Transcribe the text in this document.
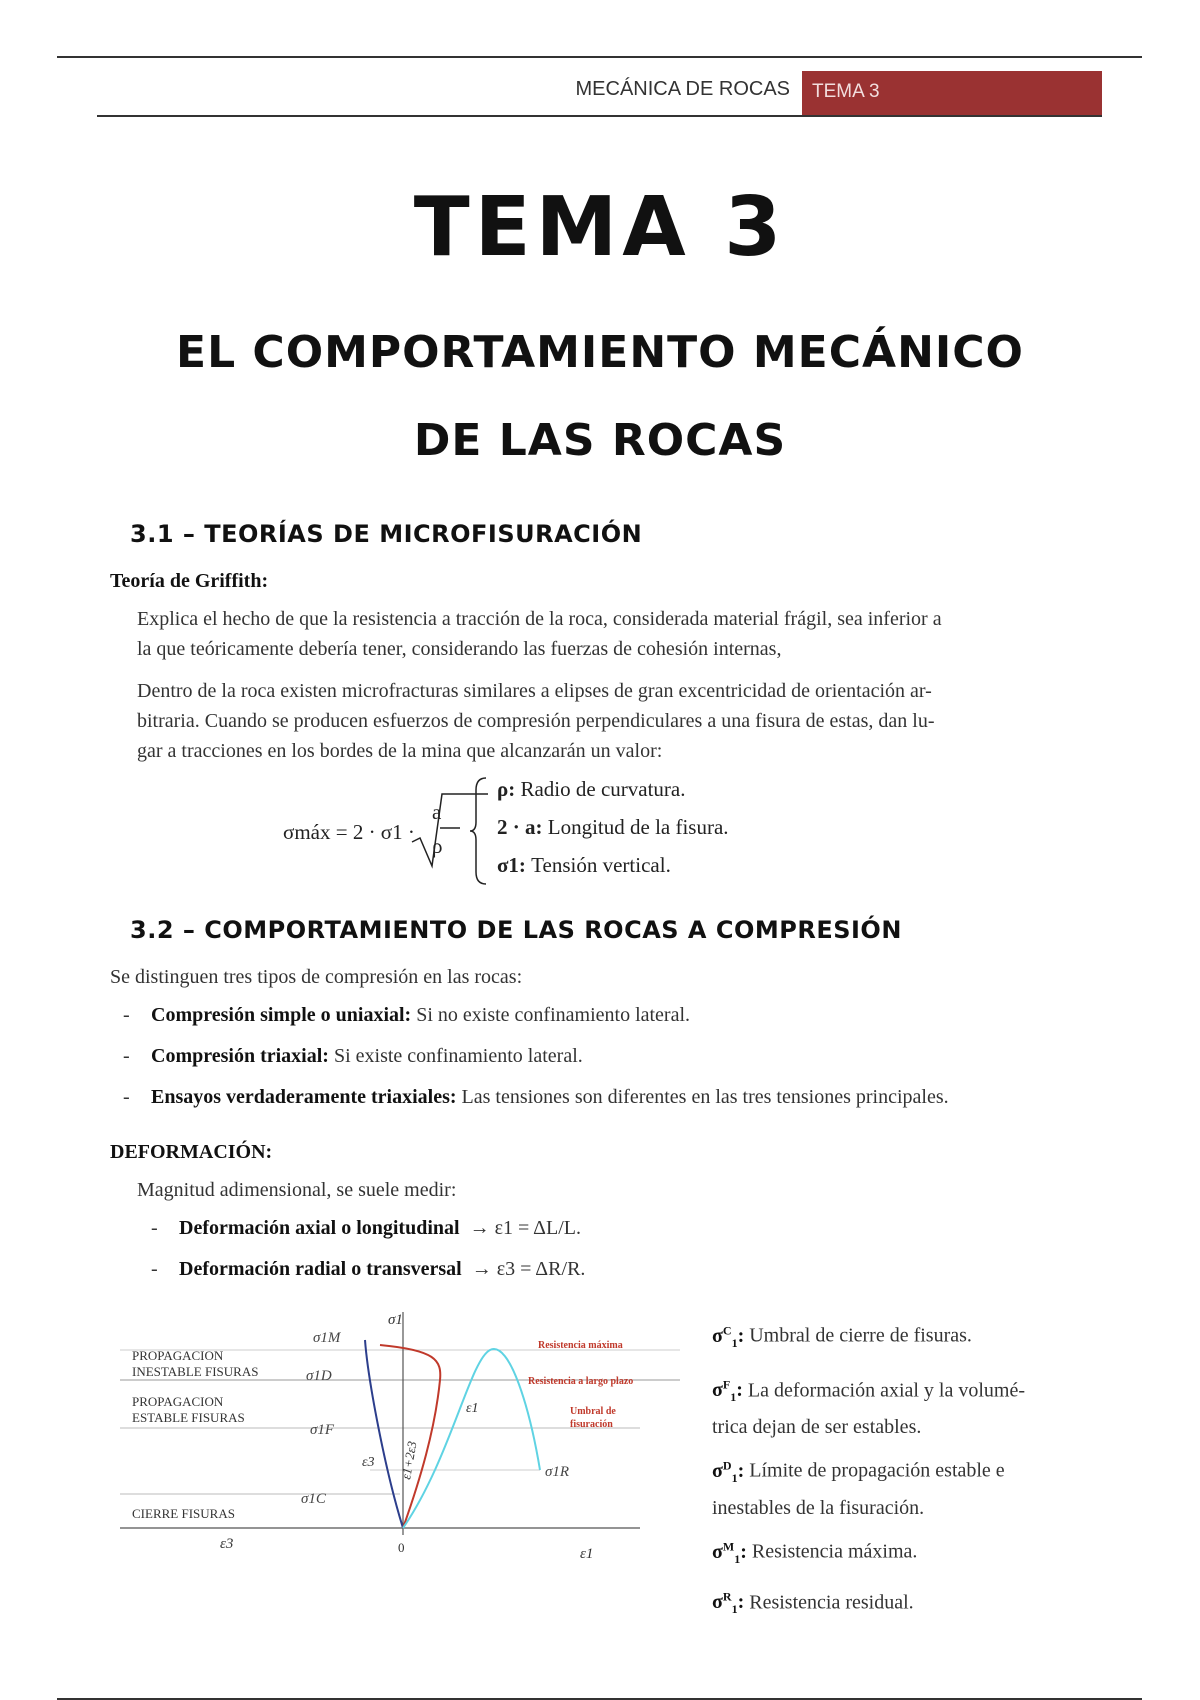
MECÁNICA DE ROCAS TEMA 3
TEMA 3
EL COMPORTAMIENTO MECÁNICO
DE LAS ROCAS
3.1 – TEORÍAS DE MICROFISURACIÓN
Teoría de Griffith:
Explica el hecho de que la resistencia a tracción de la roca, considerada material frágil, sea inferior a
la que teóricamente debería tener, considerando las fuerzas de cohesión internas,
Dentro de la roca existen microfracturas similares a elipses de gran excentricidad de orientación ar-
bitraria. Cuando se producen esfuerzos de compresión perpendiculares a una fisura de estas, dan lu-
gar a tracciones en los bordes de la mina que alcanzarán un valor:
σmáx = 2 · σ1 ·
a
ρ
ρ: Radio de curvatura.
2 · a: Longitud de la fisura.
σ1: Tensión vertical.
3.2 – COMPORTAMIENTO DE LAS ROCAS A COMPRESIÓN
Se distinguen tres tipos de compresión en las rocas:
- Compresión simple o uniaxial: Si no existe confinamiento lateral.
- Compresión triaxial: Si existe confinamiento lateral.
- Ensayos verdaderamente triaxiales: Las tensiones son diferentes en las tres tensiones principales.
DEFORMACIÓN:
Magnitud adimensional, se suele medir:
- Deformación axial o longitudinal  → ε1 = ΔL/L.
- Deformación radial o transversal  → ε3 = ΔR/R.
PROPAGACION
INESTABLE FISURAS
PROPAGACION
ESTABLE FISURAS
CIERRE FISURAS
Resistencia máxima
Resistencia a largo plazo
Umbral de
fisuración
σ1M
σ1D
σ1F
σ1C
σ1R
σ1
ε1
0
ε3
ε3 ε1+2ε3
ε1
$\sigma^C_1$: Umbral de cierre de fisuras.
$\sigma^F_1$: La deformación axial y la volumé-
trica dejan de ser estables.
$\sigma^D_1$: Límite de propagación estable e
inestables de la fisuración.
$\sigma^M_1$: Resistencia máxima.
$\sigma^R_1$: Resistencia residual.
